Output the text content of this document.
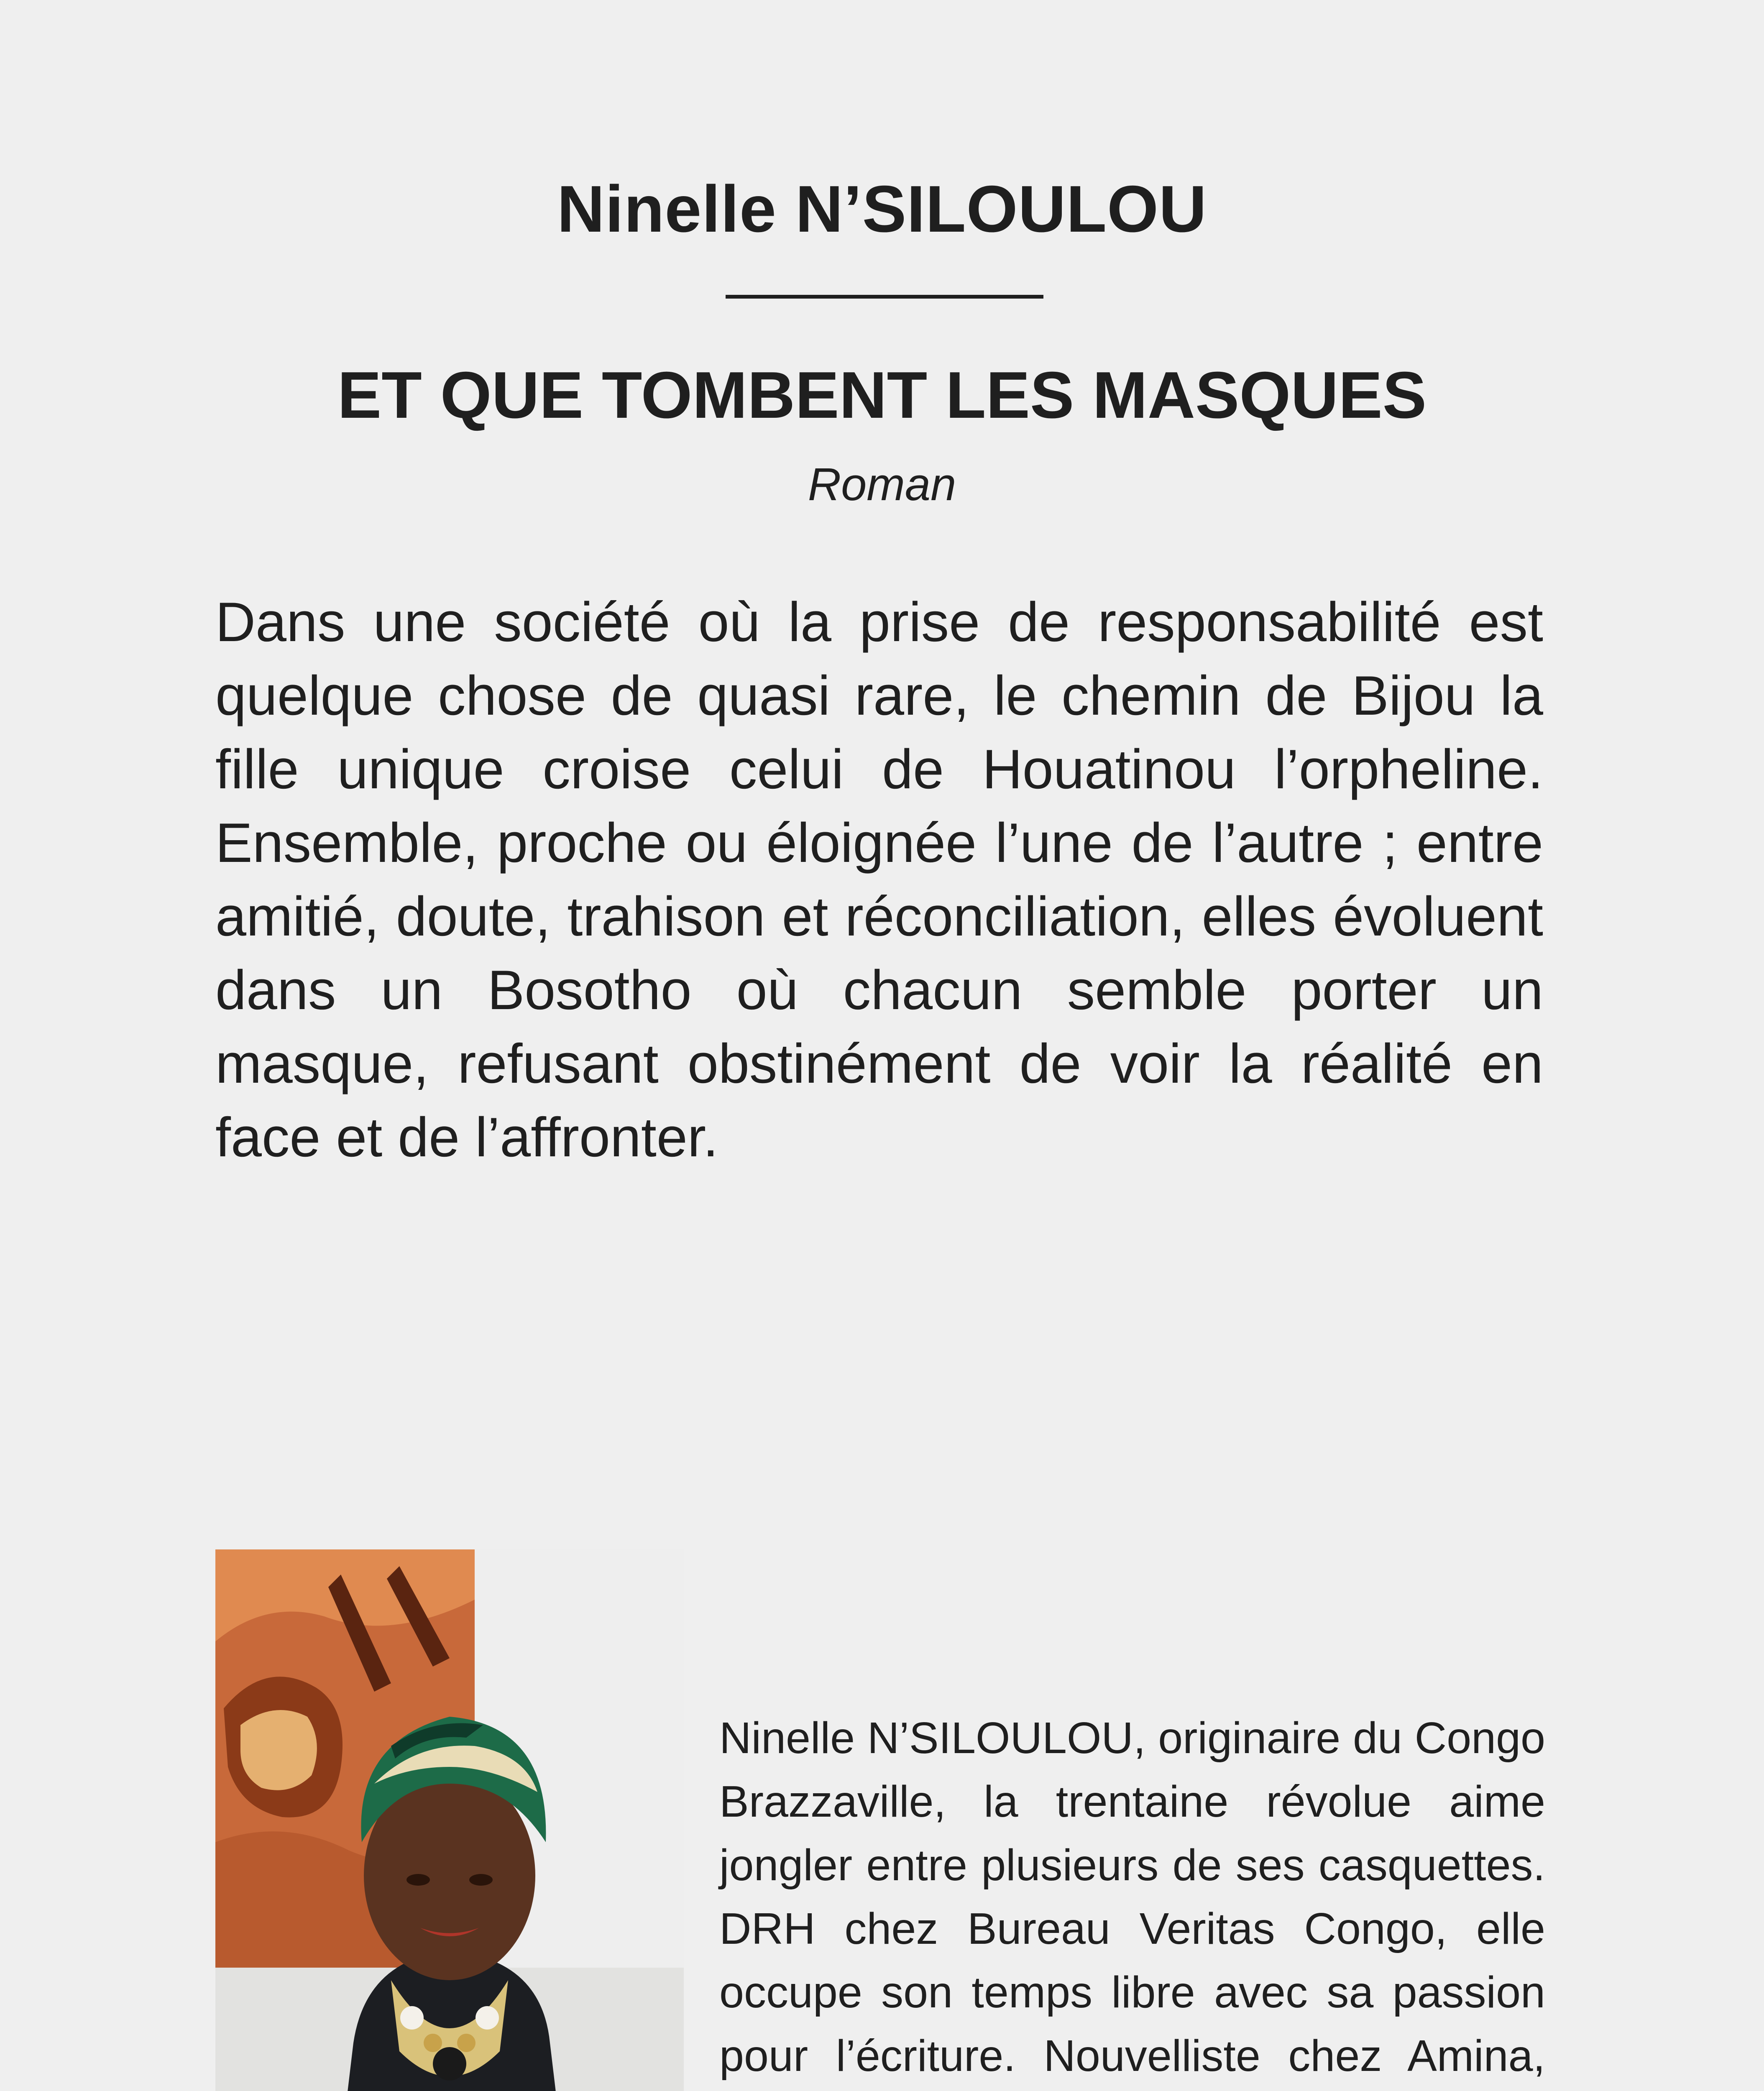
Ninelle N’SILOULOU
ET QUE TOMBENT LES MASQUES
Roman
Dans une société où la prise de responsabilité est quelque chose de quasi rare, le chemin de Bijou la fille unique croise celui de Houatinou l’orpheline. Ensemble, proche ou éloignée l’une de l’autre ; entre amitié, doute, trahison et réconciliation, elles évoluent dans un Bosotho où chacun semble porter un masque, refusant obstinément de voir la réalité en face et de l’affronter.
Ninelle N’SILOULOU, originaire du Congo Brazzaville, la trentaine révolue aime jongler entre plusieurs de ses casquettes. DRH chez Bureau Veritas Congo, elle occupe son temps libre avec sa passion pour l’écriture. Nouvelliste chez Amina,
